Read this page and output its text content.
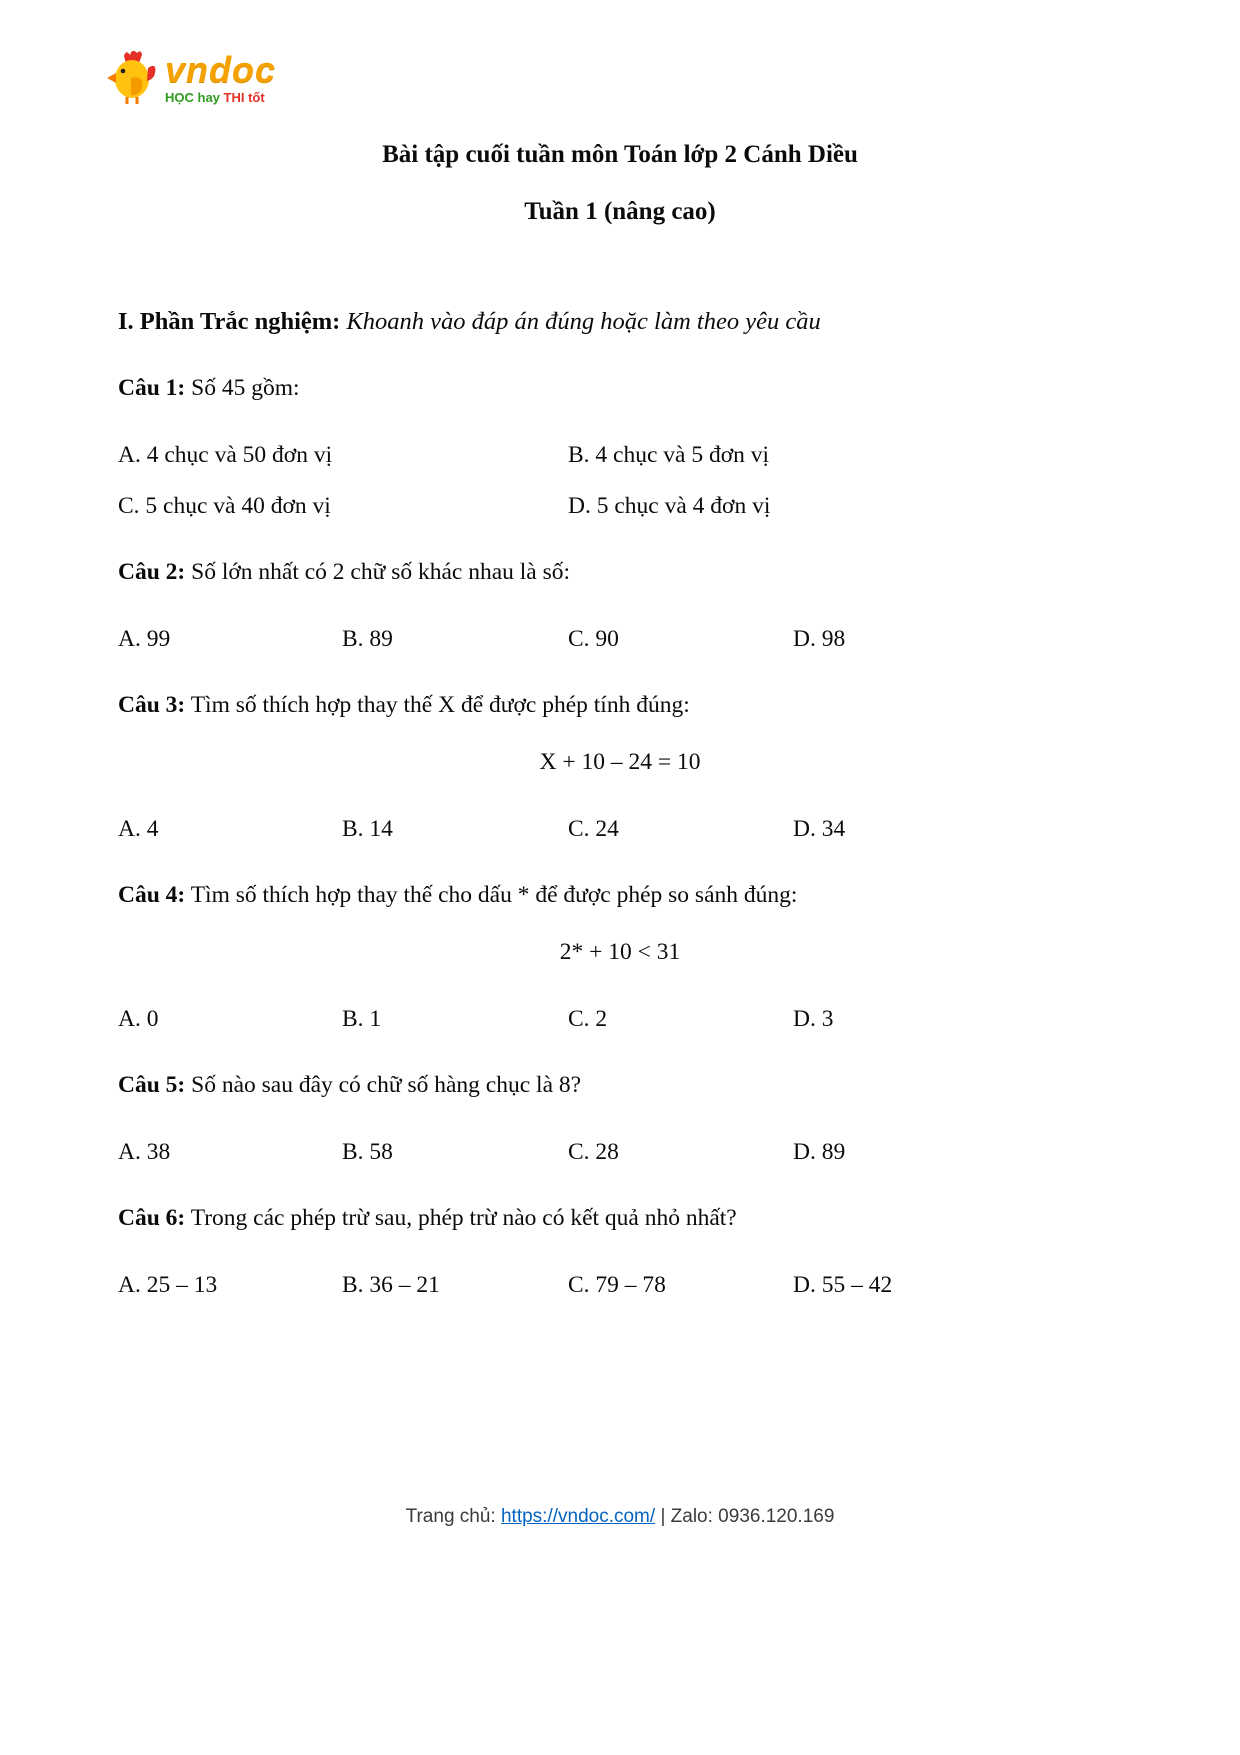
vndoc
HỌC hay THI tốt
Bài tập cuối tuần môn Toán lớp 2 Cánh Diều
Tuần 1 (nâng cao)

I. Phần Trắc nghiệm: Khoanh vào đáp án đúng hoặc làm theo yêu cầu

Câu 1: Số 45 gồm:

A. 4 chục và 50 đơn vị	B. 4 chục và 5 đơn vị
C. 5 chục và 40 đơn vị	D. 5 chục và 4 đơn vị

Câu 2: Số lớn nhất có 2 chữ số khác nhau là số:

A. 99	B. 89	C. 90	D. 98

Câu 3: Tìm số thích hợp thay thế X để được phép tính đúng:

X + 10 – 24 = 10

A. 4	B. 14	C. 24	D. 34

Câu 4: Tìm số thích hợp thay thế cho dấu * để được phép so sánh đúng:

2* + 10 < 31

A. 0	B. 1	C. 2	D. 3

Câu 5: Số nào sau đây có chữ số hàng chục là 8?

A. 38	B. 58	C. 28	D. 89

Câu 6: Trong các phép trừ sau, phép trừ nào có kết quả nhỏ nhất?

A. 25 – 13	B. 36 – 21	C. 79 – 78	D. 55 – 42
Trang chủ: https://vndoc.com/ | Zalo: 0936.120.169
